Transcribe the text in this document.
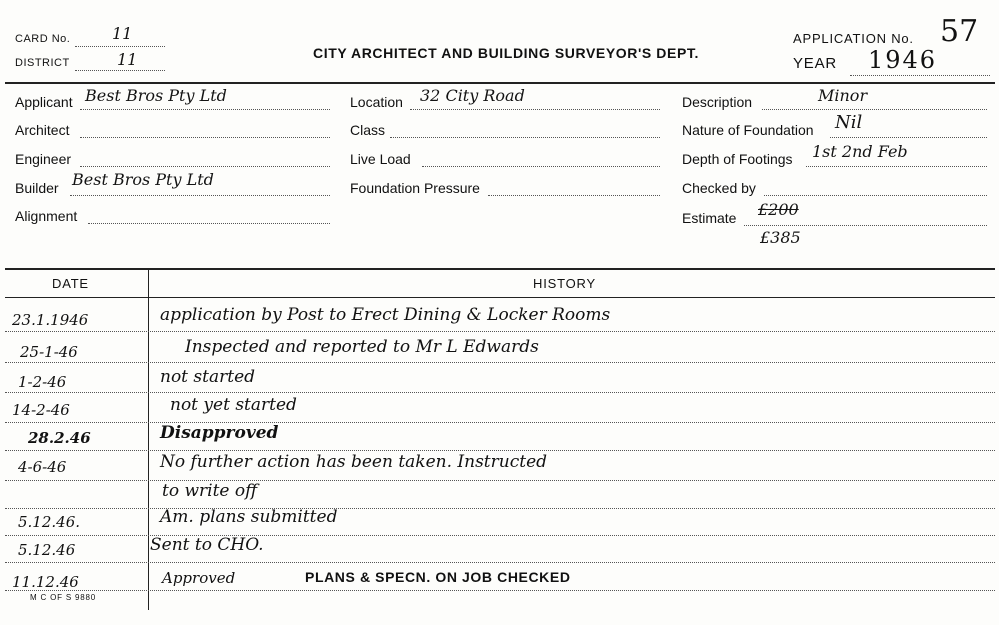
CARD No.	11
DISTRICT	11	CITY ARCHITECT AND BUILDING SURVEYOR'S DEPT.
APPLICATION No. 57
YEAR 1946
Applicant Best Bros Pty Ltd
Architect
Engineer
Builder Best Bros Pty Ltd
Alignment
Location 32 City Road
Class
Live Load
Foundation Pressure
Description	Minor
Nature of Foundation Nil
Depth of Footings 1st 2nd Feb
Checked by
Estimate £200
£385
DATE	HISTORY
23.1.1946	application by Post to Erect Dining & Locker Rooms
25-1-46	Inspected and reported to Mr L Edwards
1-2-46	not started
14-2-46	not yet started
28.2.46	Disapproved
4-6-46	No further action has been taken. Instructed
to write off
5.12.46.	Am. plans submitted
5.12.46	Sent to CHO.
11.12.46	Approved	PLANS & SPECN. ON JOB CHECKED
M C OF S 9880
